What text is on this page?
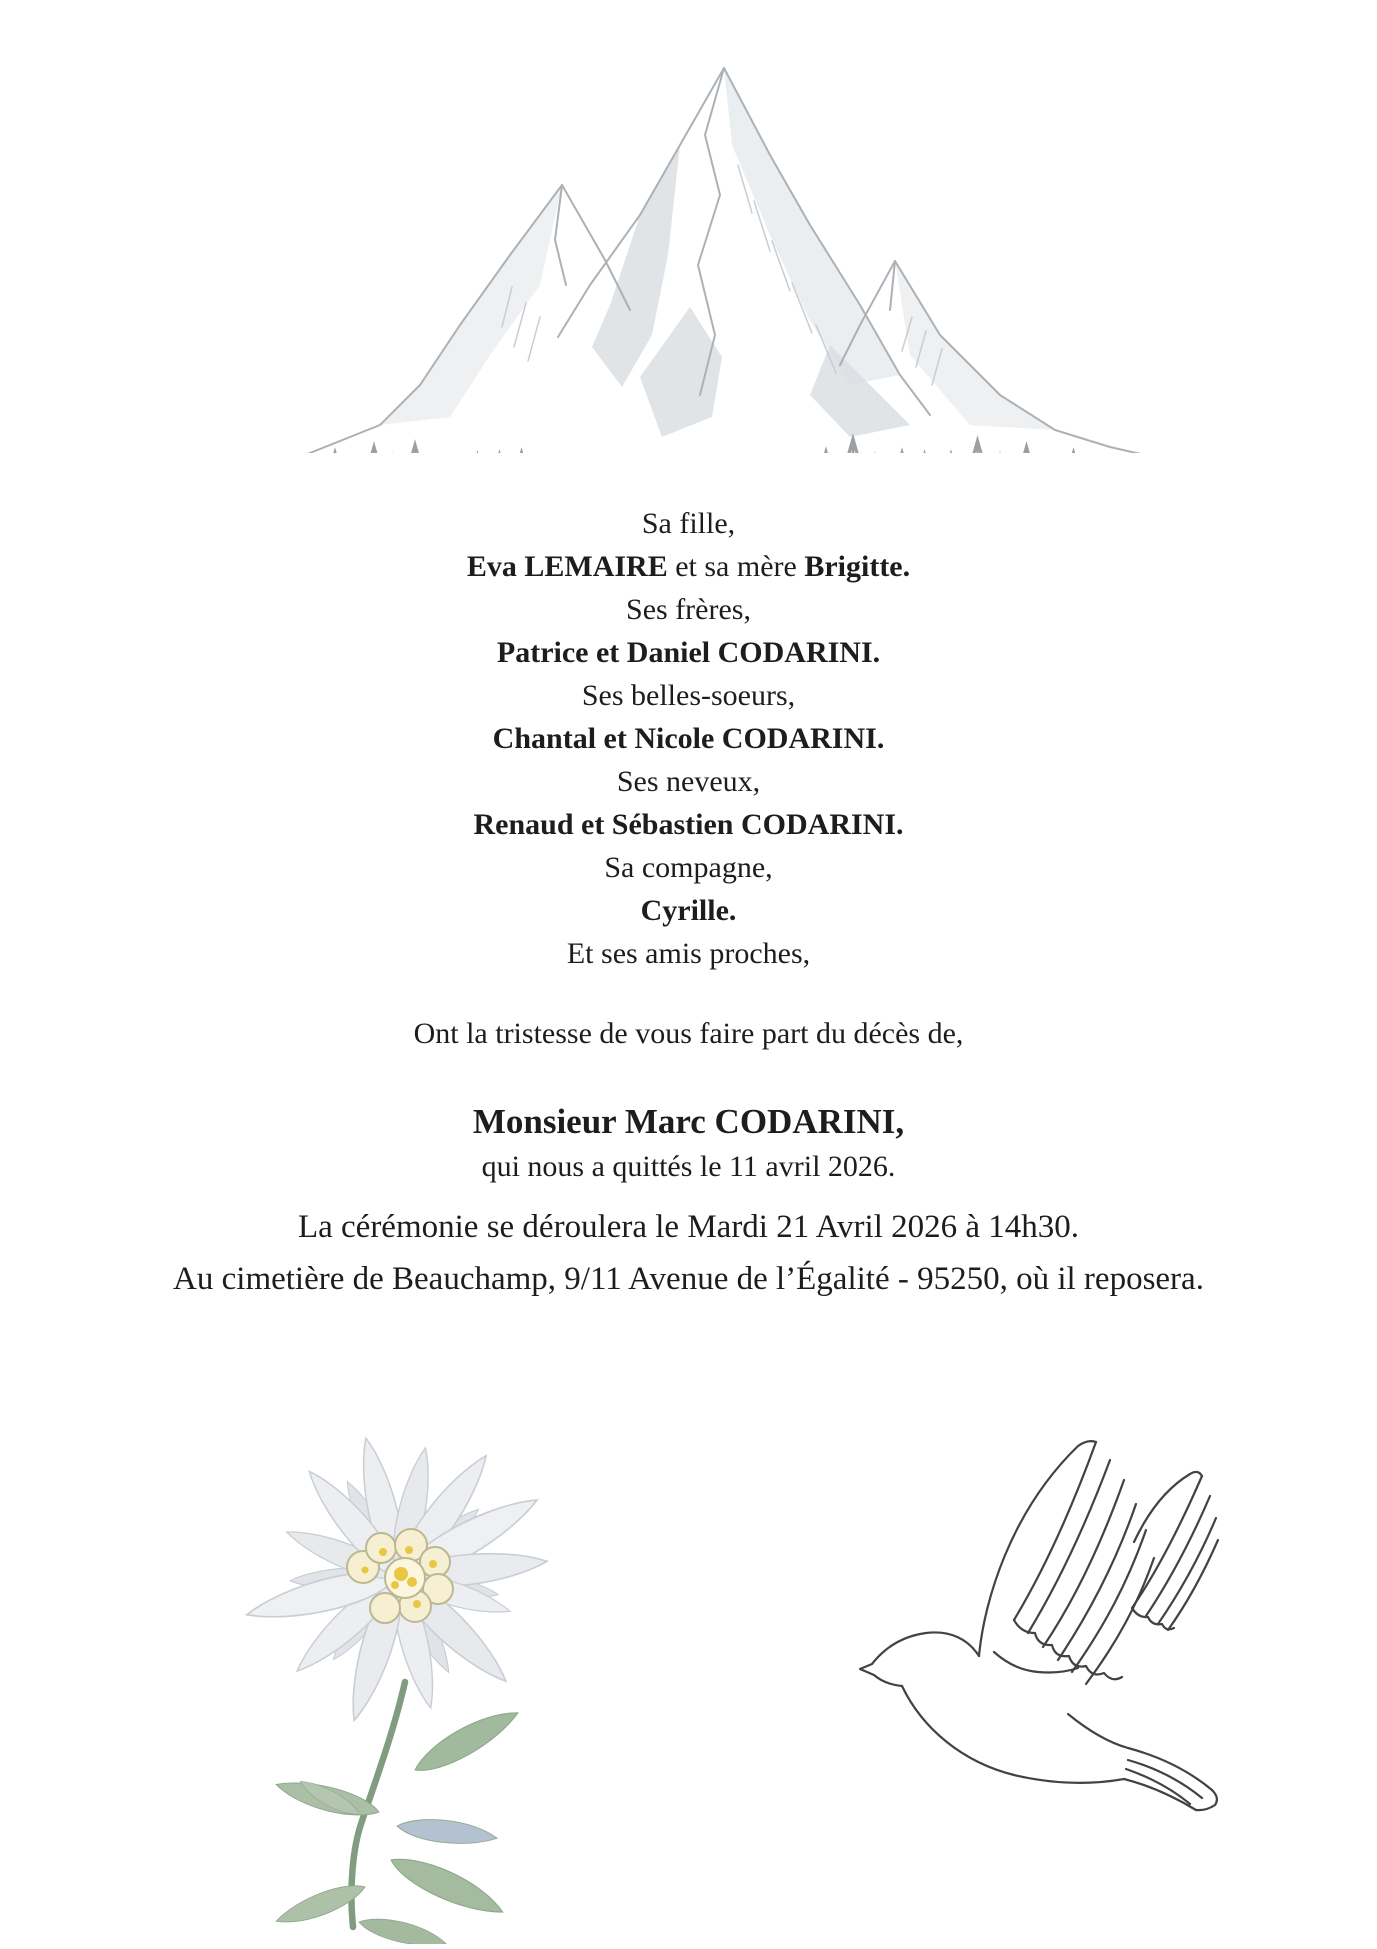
Sa fille,
Eva LEMAIRE et sa mère Brigitte.
Ses frères,
Patrice et Daniel CODARINI.
Ses belles-soeurs,
Chantal et Nicole CODARINI.
Ses neveux,
Renaud et Sébastien CODARINI.
Sa compagne,
Cyrille.
Et ses amis proches,
Ont la tristesse de vous faire part du décès de,
Monsieur Marc CODARINI,
qui nous a quittés le 11 avril 2026.
La cérémonie se déroulera le Mardi 21 Avril 2026 à 14h30.
Au cimetière de Beauchamp, 9/11 Avenue de l’Égalité - 95250, où il reposera.
